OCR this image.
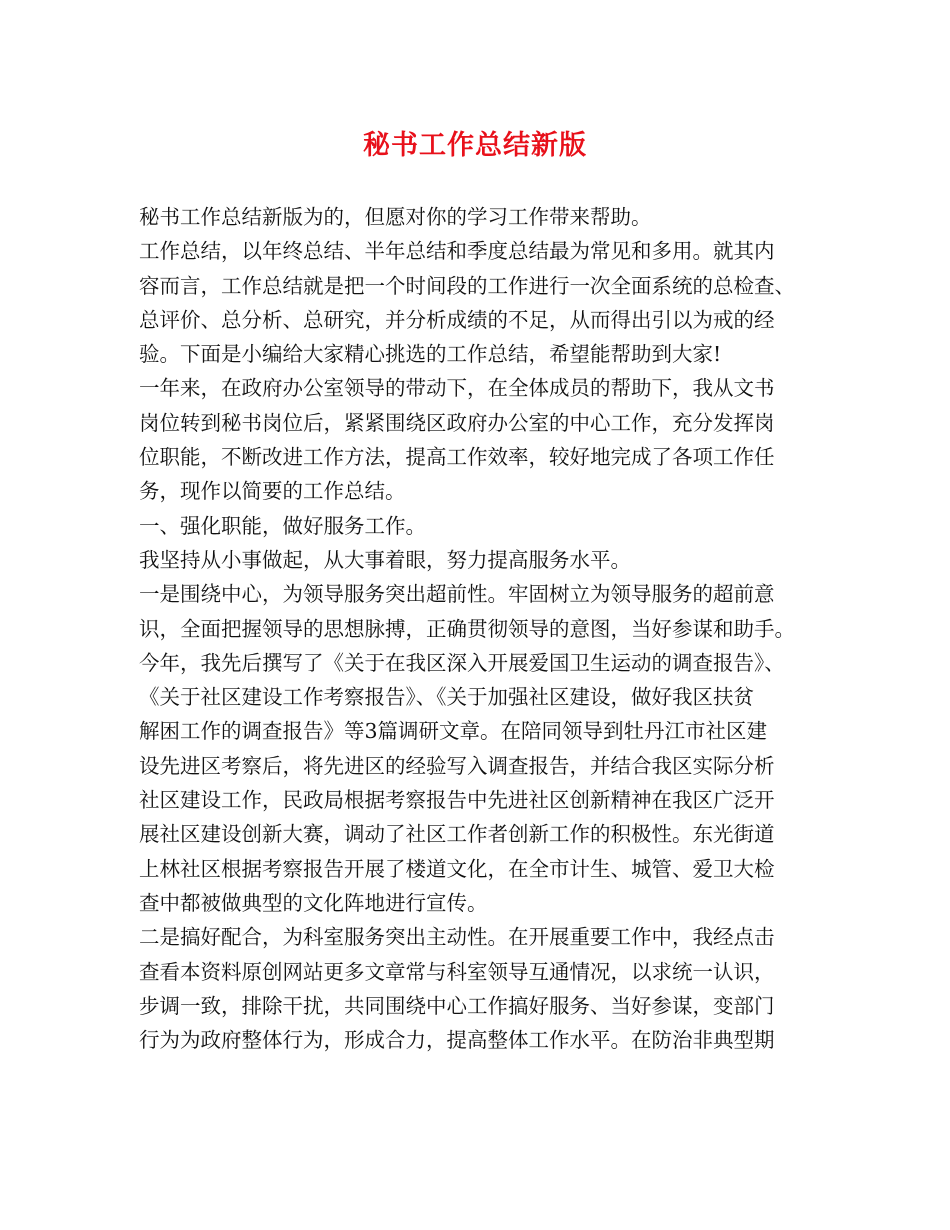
秘书工作总结新版
秘书工作总结新版为的，但愿对你的学习工作带来帮助。
工作总结，以年终总结、半年总结和季度总结最为常见和多用。就其内
容而言，工作总结就是把一个时间段的工作进行一次全面系统的总检查、
总评价、总分析、总研究，并分析成绩的不足，从而得出引以为戒的经
验。下面是小编给大家精心挑选的工作总结，希望能帮助到大家!
一年来，在政府办公室领导的带动下，在全体成员的帮助下，我从文书
岗位转到秘书岗位后，紧紧围绕区政府办公室的中心工作，充分发挥岗
位职能，不断改进工作方法，提高工作效率，较好地完成了各项工作任
务，现作以简要的工作总结。
一、强化职能，做好服务工作。
我坚持从小事做起，从大事着眼，努力提高服务水平。
一是围绕中心，为领导服务突出超前性。牢固树立为领导服务的超前意
识，全面把握领导的思想脉搏，正确贯彻领导的意图，当好参谋和助手。
今年，我先后撰写了《关于在我区深入开展爱国卫生运动的调查报告》、
《关于社区建设工作考察报告》、《关于加强社区建设，做好我区扶贫
解困工作的调查报告》等3篇调研文章。在陪同领导到牡丹江市社区建
设先进区考察后，将先进区的经验写入调查报告，并结合我区实际分析
社区建设工作，民政局根据考察报告中先进社区创新精神在我区广泛开
展社区建设创新大赛，调动了社区工作者创新工作的积极性。东光街道
上林社区根据考察报告开展了楼道文化，在全市计生、城管、爱卫大检
查中都被做典型的文化阵地进行宣传。
二是搞好配合，为科室服务突出主动性。在开展重要工作中，我经点击
查看本资料原创网站更多文章常与科室领导互通情况，以求统一认识，
步调一致，排除干扰，共同围绕中心工作搞好服务、当好参谋，变部门
行为为政府整体行为，形成合力，提高整体工作水平。在防治非典型期
